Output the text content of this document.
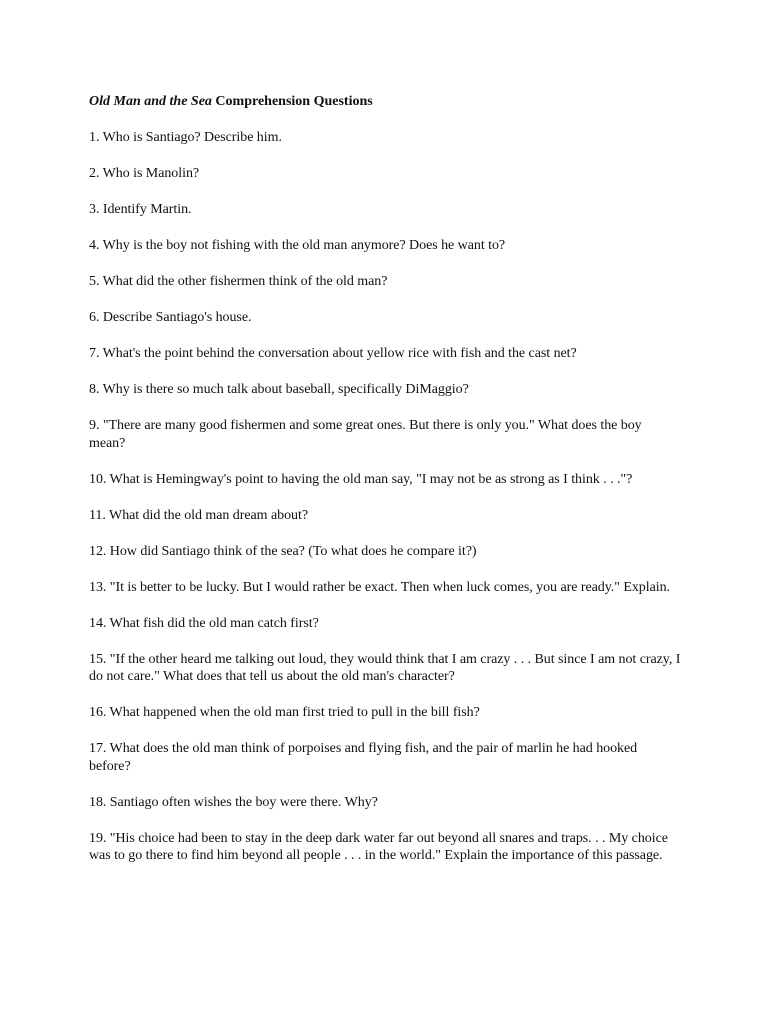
Old Man and the Sea Comprehension Questions
1. Who is Santiago? Describe him.
2. Who is Manolin?
3. Identify Martin.
4. Why is the boy not fishing with the old man anymore? Does he want to?
5. What did the other fishermen think of the old man?
6. Describe Santiago's house.
7. What's the point behind the conversation about yellow rice with fish and the cast net?
8. Why is there so much talk about baseball, specifically DiMaggio?
9. "There are many good fishermen and some great ones. But there is only you." What does the boy mean?
10. What is Hemingway's point to having the old man say, "I may not be as strong as I think . . ."?
11. What did the old man dream about?
12. How did Santiago think of the sea? (To what does he compare it?)
13. "It is better to be lucky. But I would rather be exact. Then when luck comes, you are ready." Explain.
14. What fish did the old man catch first?
15. "If the other heard me talking out loud, they would think that I am crazy . . . But since I am not crazy, I do not care." What does that tell us about the old man's character?
16. What happened when the old man first tried to pull in the bill fish?
17. What does the old man think of porpoises and flying fish, and the pair of marlin he had hooked before?
18. Santiago often wishes the boy were there. Why?
19. "His choice had been to stay in the deep dark water far out beyond all snares and traps. . . My choice was to go there to find him beyond all people . . . in the world." Explain the importance of this passage.
